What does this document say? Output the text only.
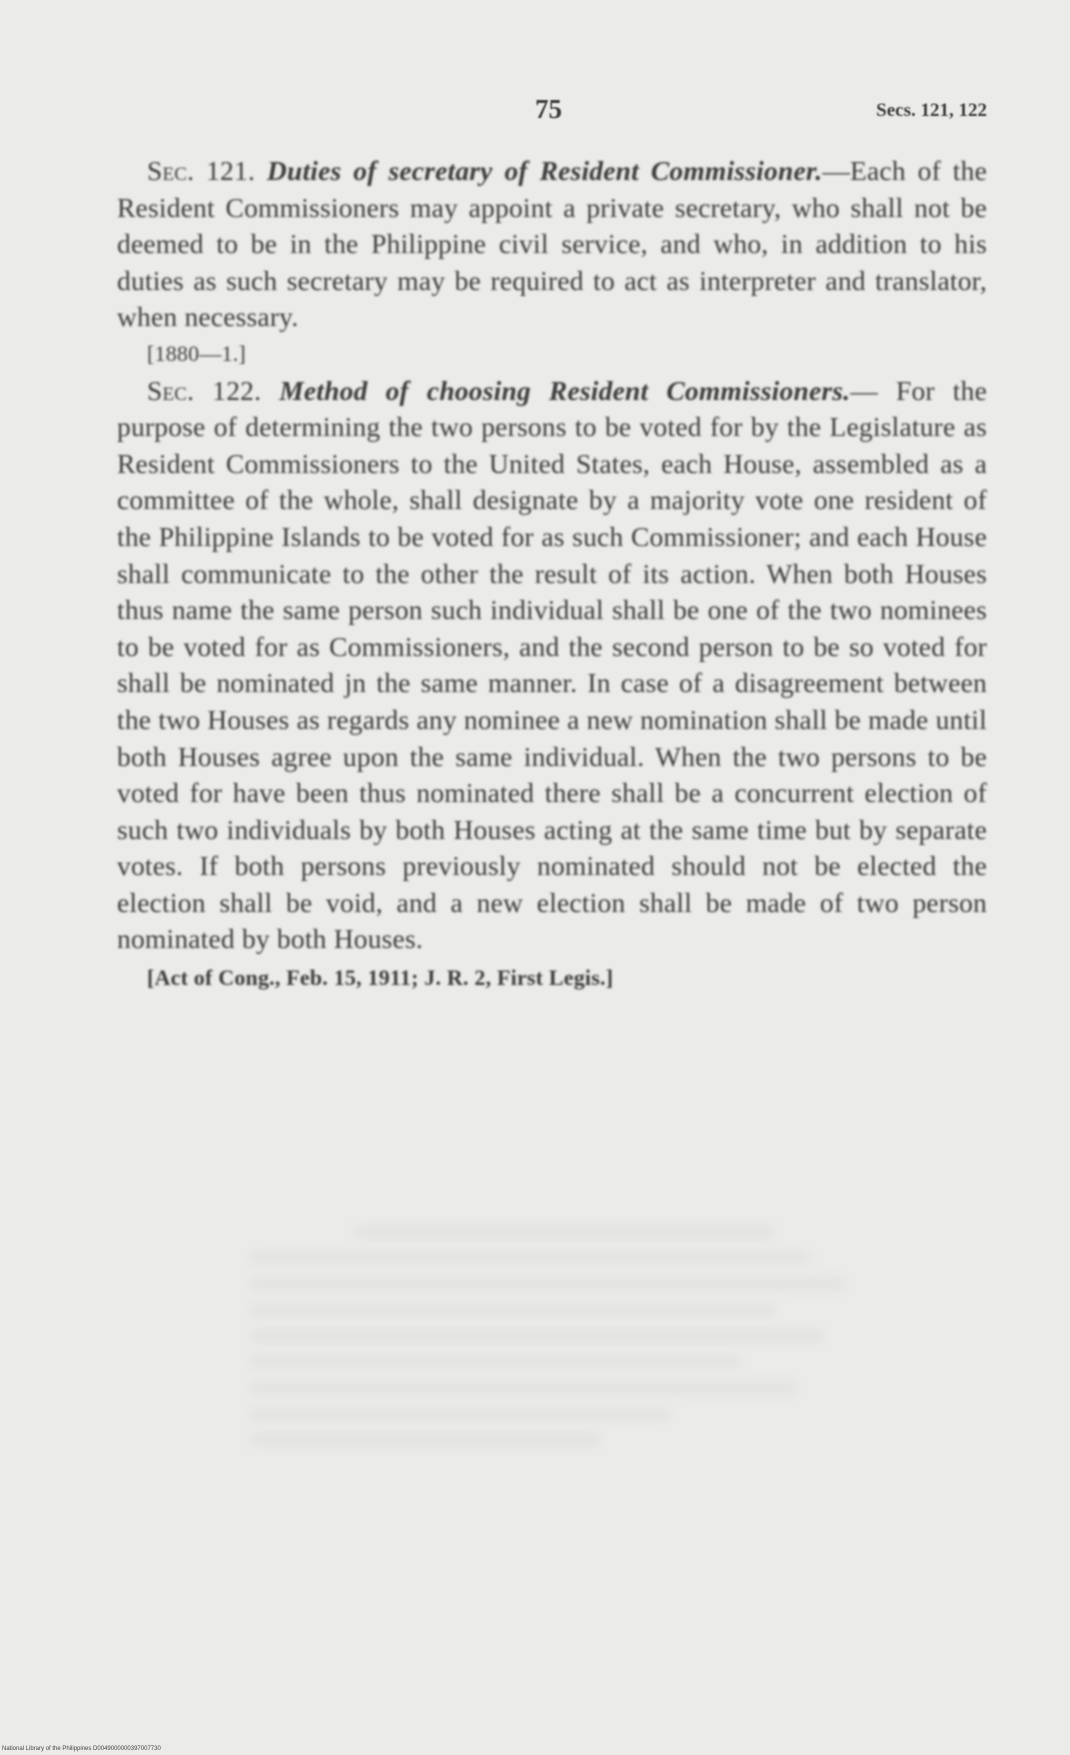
75	Secs. 121, 122

Sec. 121. Duties of secretary of Resident Commissioner.—Each of the Resident Commissioners may appoint a private secretary, who shall not be deemed to be in the Philippine civil service, and who, in addition to his duties as such secretary may be required to act as interpreter and translator, when necessary.

[1880—1.]

Sec. 122. Method of choosing Resident Commissioners.— For the purpose of determining the two persons to be voted for by the Legislature as Resident Commissioners to the United States, each House, assembled as a committee of the whole, shall designate by a majority vote one resident of the Philippine Islands to be voted for as such Commissioner; and each House shall communicate to the other the result of its action. When both Houses thus name the same person such individual shall be one of the two nominees to be voted for as Commissioners, and the second person to be so voted for shall be nominated jn the same manner. In case of a disagreement between the two Houses as regards any nominee a new nomination shall be made until both Houses agree upon the same individual. When the two persons to be voted for have been thus nominated there shall be a concurrent election of such two individuals by both Houses acting at the same time but by separate votes. If both persons previously nominated should not be elected the election shall be void, and a new election shall be made of two person nominated by both Houses.

[Act of Cong., Feb. 15, 1911; J. R. 2, First Legis.]

National Library of the Philippines D0049000000397007730
